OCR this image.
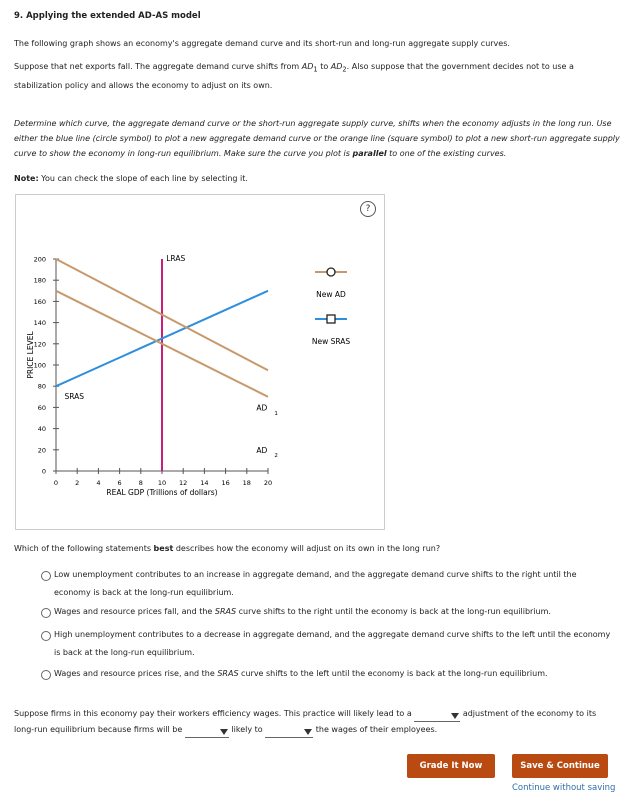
9. Applying the extended AD-AS model
The following graph shows an economy's aggregate demand curve and its short-run and long-run aggregate supply curves.
Suppose that net exports fall. The aggregate demand curve shifts from $AD_1$ to $AD_2$. Also suppose that the government decides not to use a
stabilization policy and allows the economy to adjust on its own.
Determine which curve, the aggregate demand curve or the short-run aggregate supply curve, shifts when the economy adjusts in the long run. Use
either the blue line (circle symbol) to plot a new aggregate demand curve or the orange line (square symbol) to plot a new short-run aggregate supply
curve to show the economy in long-run equilibrium. Make sure the curve you plot is parallel to one of the existing curves.
Note: You can check the slope of each line by selecting it.
?
200
180
160
140
120
100
80
60
40
20
0
0	2	4	6	8 10 12 14 16 18 20
LRAS
SRAS
AD
1
AD
2
PRICE LEVEL
REAL GDP (Trillions of dollars)
New AD
New SRAS
Which of the following statements best describes how the economy will adjust on its own in the long run?
Low unemployment contributes to an increase in aggregate demand, and the aggregate demand curve shifts to the right until the
economy is back at the long-run equilibrium.
Wages and resource prices fall, and the SRAS curve shifts to the right until the economy is back at the long-run equilibrium.
High unemployment contributes to a decrease in aggregate demand, and the aggregate demand curve shifts to the left until the economy
is back at the long-run equilibrium.
Wages and resource prices rise, and the SRAS curve shifts to the left until the economy is back at the long-run equilibrium.
Suppose firms in this economy pay their workers efficiency wages. This practice will likely lead to a	adjustment of the economy to its
long-run equilibrium because firms will be	likely to	the wages of their employees.
Grade It Now	Save & Continue
Continue without saving
